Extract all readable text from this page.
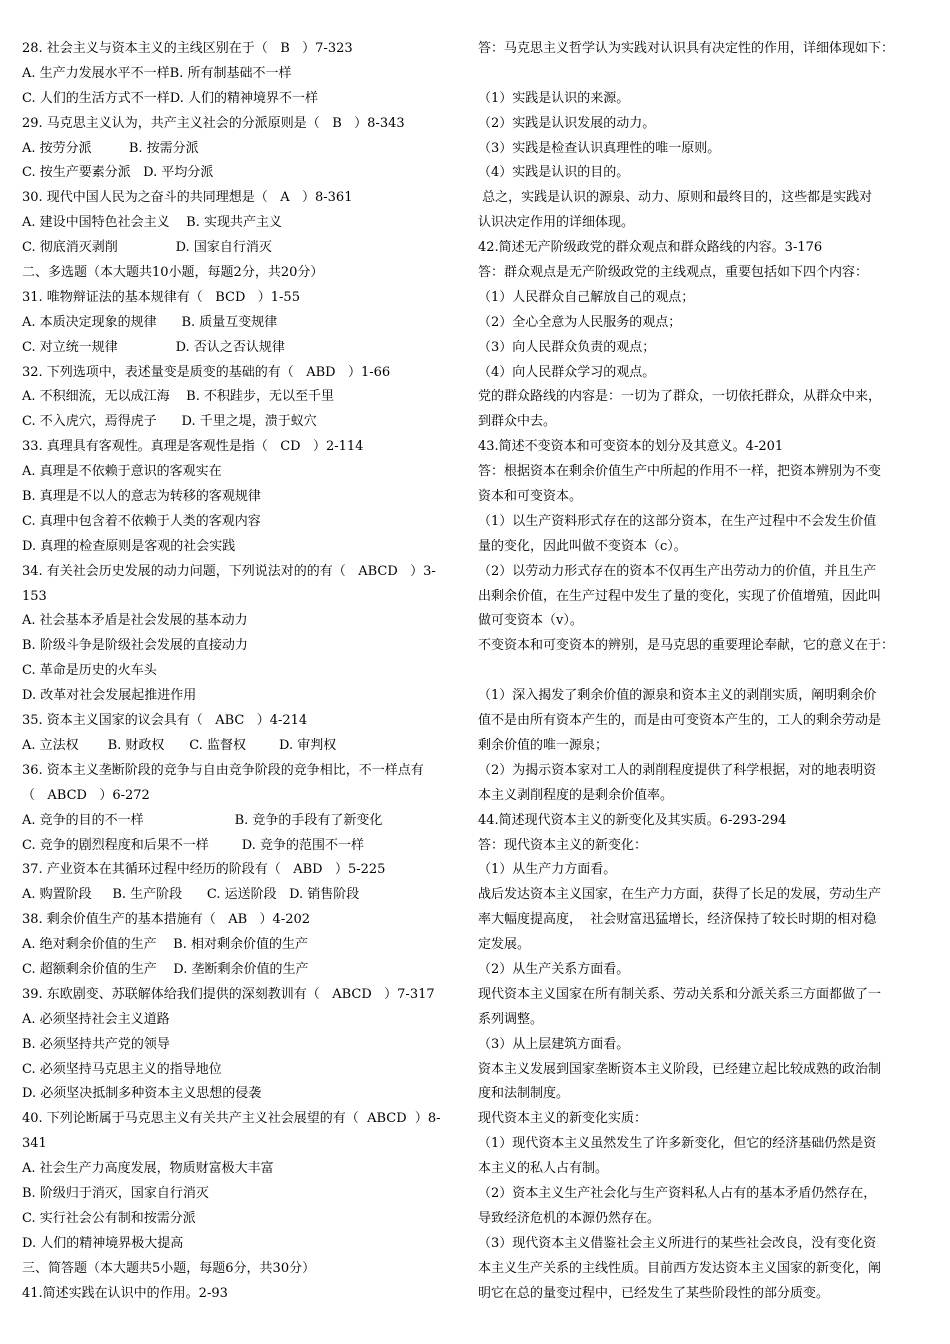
28. 社会主义与资本主义的主线区别在于（   B   ）7-323
A. 生产力发展水平不一样B. 所有制基础不一样
C. 人们的生活方式不一样D. 人们的精神境界不一样
29. 马克思主义认为，共产主义社会的分派原则是（   B   ）8-343
A. 按劳分派         B. 按需分派
C. 按生产要素分派   D. 平均分派
30. 现代中国人民为之奋斗的共同理想是（   A   ）8-361
A. 建设中国特色社会主义    B. 实现共产主义
C. 彻底消灭剥削              D. 国家自行消灭
二、多选题（本大题共10小题，每题2分，共20分）
31. 唯物辩证法的基本规律有（   BCD   ）1-55
A. 本质决定现象的规律      B. 质量互变规律
C. 对立统一规律              D. 否认之否认规律
32. 下列选项中，表述量变是质变的基础的有（   ABD   ）1-66
A. 不积细流，无以成江海    B. 不积跬步，无以至千里
C. 不入虎穴，焉得虎子      D. 千里之堤，溃于蚁穴
33. 真理具有客观性。真理是客观性是指（   CD   ）2-114
A. 真理是不依赖于意识的客观实在
B. 真理是不以人的意志为转移的客观规律
C. 真理中包含着不依赖于人类的客观内容
D. 真理的检查原则是客观的社会实践
34. 有关社会历史发展的动力问题，下列说法对的的有（   ABCD   ）3-
153
A. 社会基本矛盾是社会发展的基本动力
B. 阶级斗争是阶级社会发展的直接动力
C. 革命是历史的火车头
D. 改革对社会发展起推进作用
35. 资本主义国家的议会具有（   ABC   ）4-214
A. 立法权       B. 财政权      C. 监督权        D. 审判权
36. 资本主义垄断阶段的竞争与自由竞争阶段的竞争相比，不一样点有
（   ABCD   ）6-272
A. 竞争的目的不一样                      B. 竞争的手段有了新变化
C. 竞争的剧烈程度和后果不一样        D. 竞争的范围不一样
37. 产业资本在其循环过程中经历的阶段有（   ABD   ）5-225
A. 购置阶段     B. 生产阶段      C. 运送阶段   D. 销售阶段
38. 剩余价值生产的基本措施有（   AB   ）4-202
A. 绝对剩余价值的生产    B. 相对剩余价值的生产
C. 超额剩余价值的生产    D. 垄断剩余价值的生产
39. 东欧剧变、苏联解体给我们提供的深刻教训有（   ABCD   ）7-317
A. 必须坚持社会主义道路
B. 必须坚持共产党的领导
C. 必须坚持马克思主义的指导地位
D. 必须坚决抵制多种资本主义思想的侵袭
40. 下列论断属于马克思主义有关共产主义社会展望的有（  ABCD  ）8-
341
A. 社会生产力高度发展，物质财富极大丰富
B. 阶级归于消灭，国家自行消灭
C. 实行社会公有制和按需分派
D. 人们的精神境界极大提高
三、简答题（本大题共5小题，每题6分，共30分）
41.简述实践在认识中的作用。2-93
答：马克思主义哲学认为实践对认识具有决定性的作用，详细体现如下：
（1）实践是认识的来源。
（2）实践是认识发展的动力。
（3）实践是检查认识真理性的唯一原则。
（4）实践是认识的目的。
总之，实践是认识的源泉、动力、原则和最终目的，这些都是实践对
认识决定作用的详细体现。
42.简述无产阶级政党的群众观点和群众路线的内容。3-176
答：群众观点是无产阶级政党的主线观点，重要包括如下四个内容：
（1）人民群众自己解放自己的观点；
（2）全心全意为人民服务的观点；
（3）向人民群众负责的观点；
（4）向人民群众学习的观点。
党的群众路线的内容是：一切为了群众，一切依托群众，从群众中来，
到群众中去。
43.简述不变资本和可变资本的划分及其意义。4-201
答：根据资本在剩余价值生产中所起的作用不一样，把资本辨别为不变
资本和可变资本。
（1）以生产资料形式存在的这部分资本，在生产过程中不会发生价值
量的变化，因此叫做不变资本（c）。
（2）以劳动力形式存在的资本不仅再生产出劳动力的价值，并且生产
出剩余价值，在生产过程中发生了量的变化，实现了价值增殖，因此叫
做可变资本（v）。
不变资本和可变资本的辨别，是马克思的重要理论奉献，它的意义在于：
（1）深入揭发了剩余价值的源泉和资本主义的剥削实质，阐明剩余价
值不是由所有资本产生的，而是由可变资本产生的，工人的剩余劳动是
剩余价值的唯一源泉；
（2）为揭示资本家对工人的剥削程度提供了科学根据，对的地表明资
本主义剥削程度的是剩余价值率。
44.简述现代资本主义的新变化及其实质。6-293-294
答：现代资本主义的新变化：
（1）从生产力方面看。
战后发达资本主义国家，在生产力方面，获得了长足的发展，劳动生产
率大幅度提高度，  社会财富迅猛增长，经济保持了较长时期的相对稳
定发展。
（2）从生产关系方面看。
现代资本主义国家在所有制关系、劳动关系和分派关系三方面都做了一
系列调整。
（3）从上层建筑方面看。
资本主义发展到国家垄断资本主义阶段，已经建立起比较成熟的政治制
度和法制制度。
现代资本主义的新变化实质：
（1）现代资本主义虽然发生了许多新变化，但它的经济基础仍然是资
本主义的私人占有制。
（2）资本主义生产社会化与生产资料私人占有的基本矛盾仍然存在，
导致经济危机的本源仍然存在。
（3）现代资本主义借鉴社会主义所进行的某些社会改良，没有变化资
本主义生产关系的主线性质。目前西方发达资本主义国家的新变化，阐
明它在总的量变过程中，已经发生了某些阶段性的部分质变。
